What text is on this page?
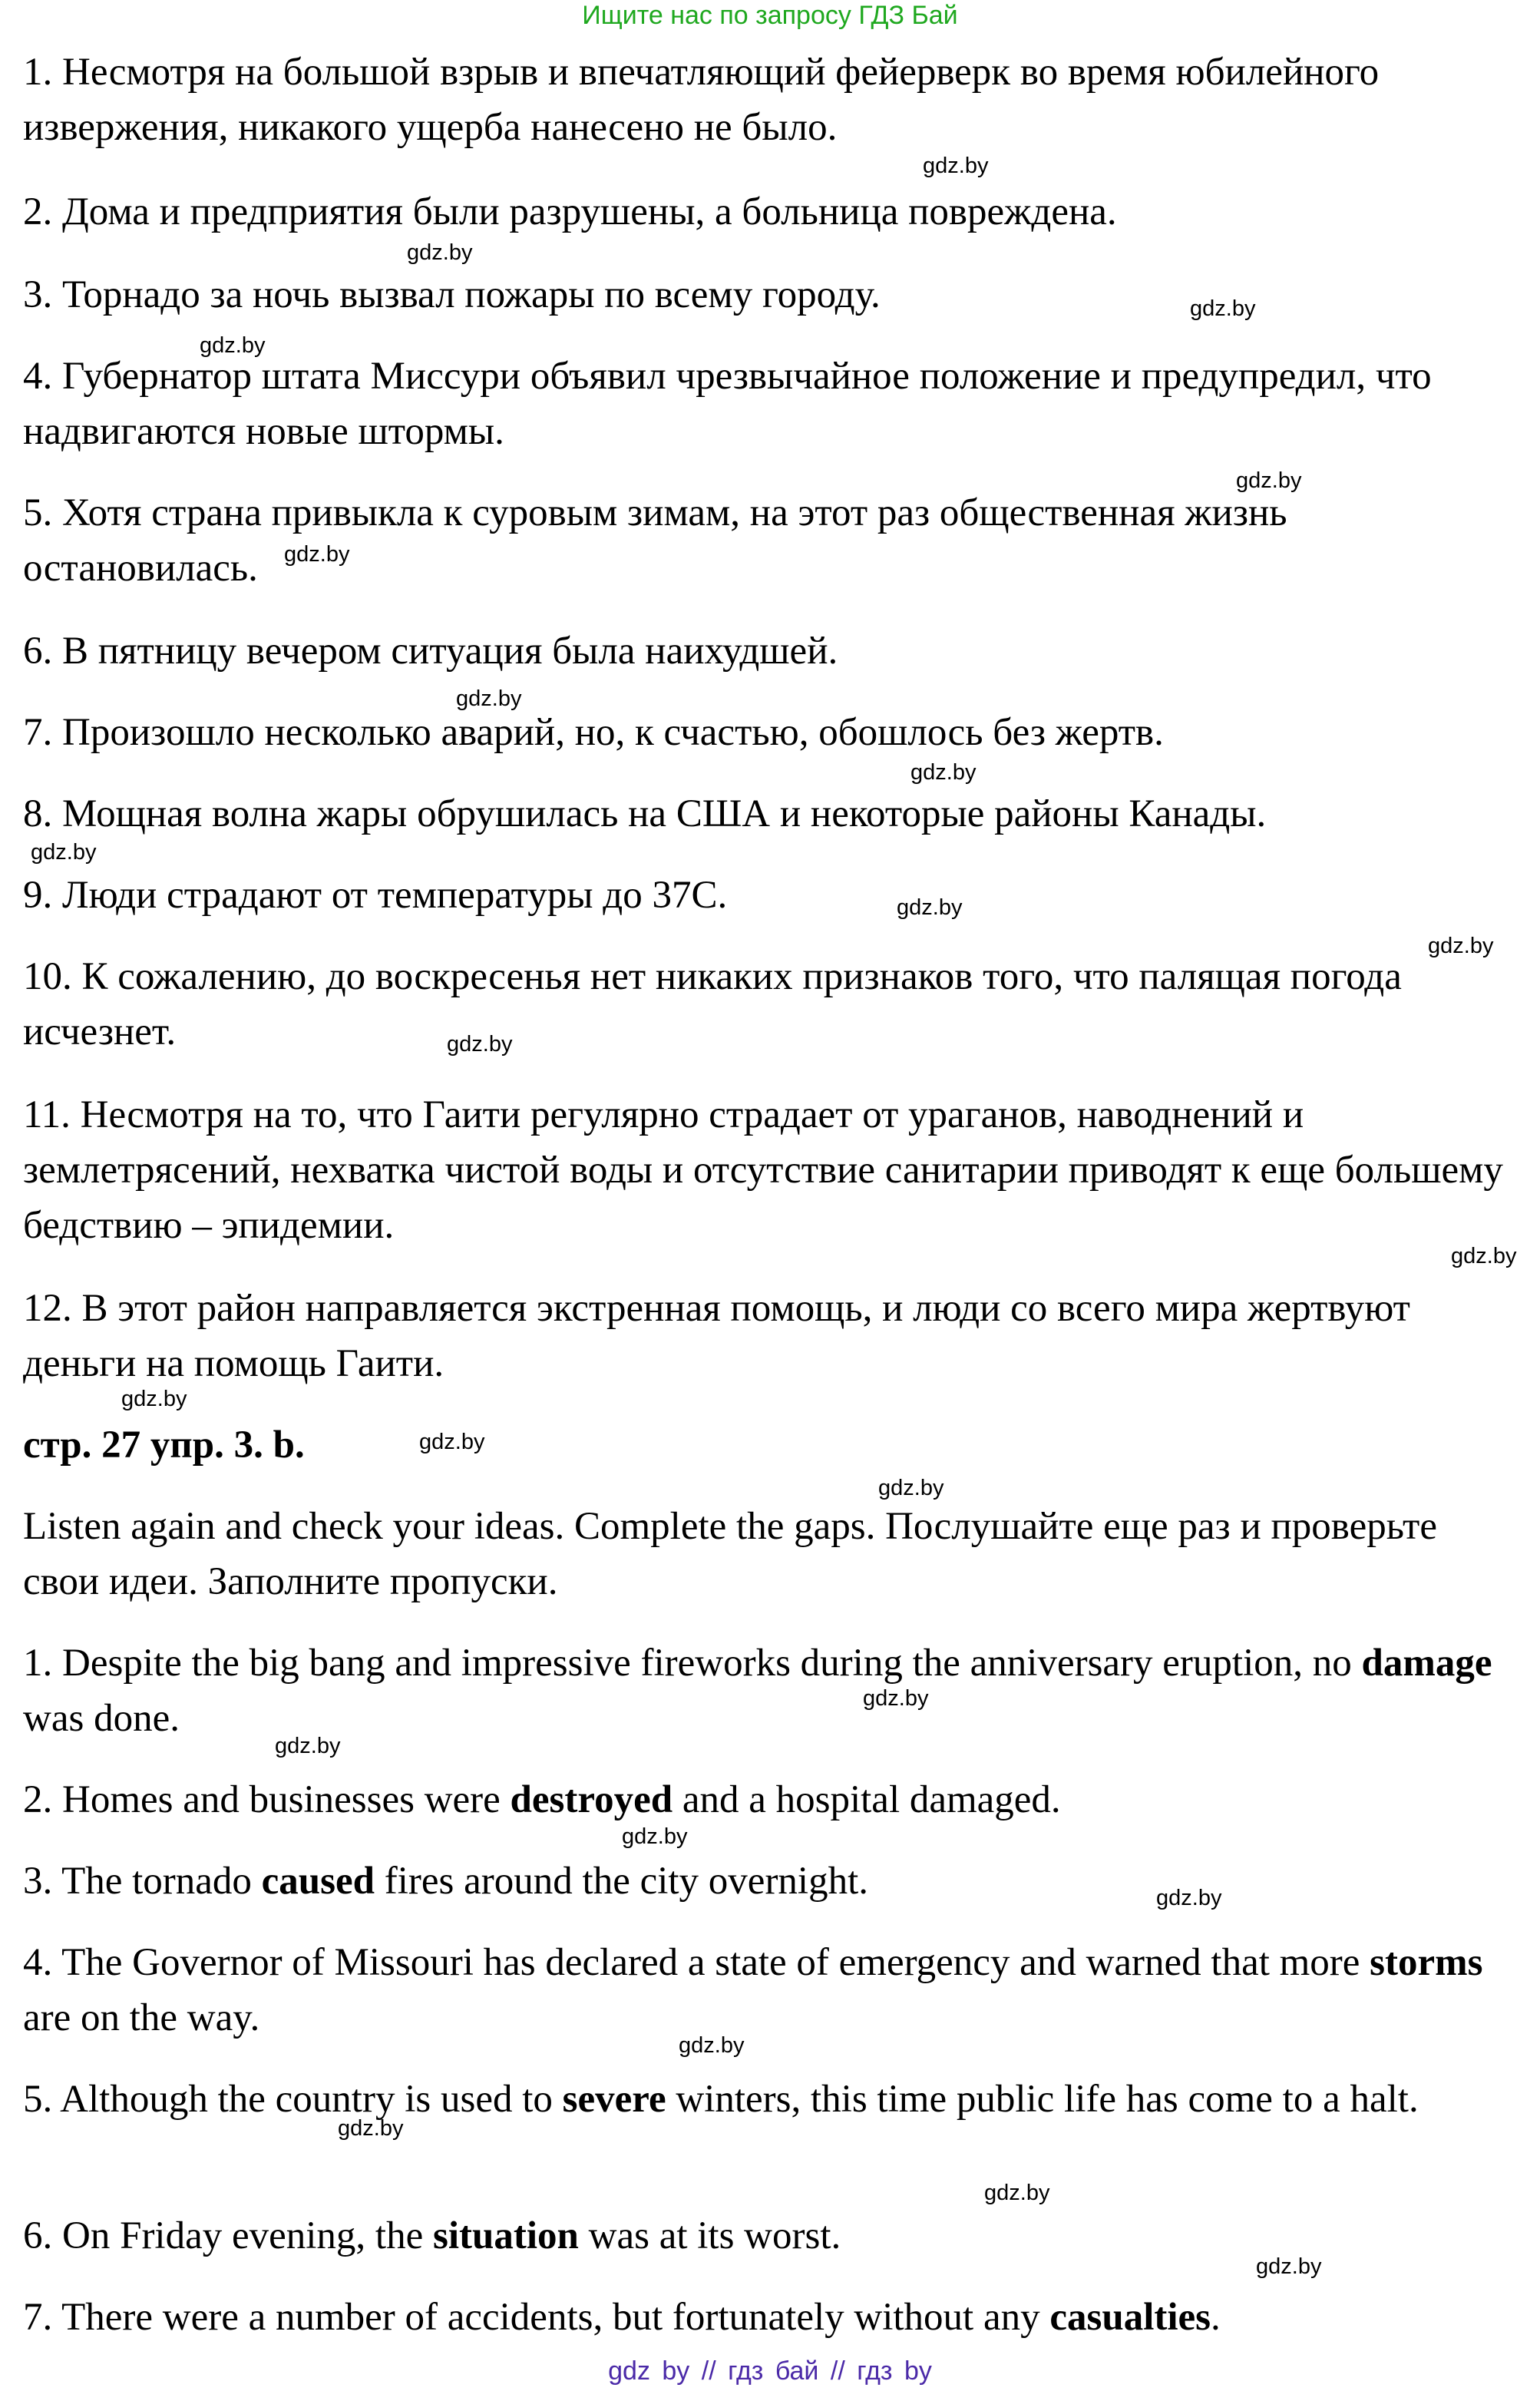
Ищите нас по запросу ГДЗ Бай

1. Несмотря на большой взрыв и впечатляющий фейерверк во время юбилейного извержения, никакого ущерба нанесено не было.

2. Дома и предприятия были разрушены, а больница повреждена.

3. Торнадо за ночь вызвал пожары по всему городу.

4. Губернатор штата Миссури объявил чрезвычайное положение и предупредил, что надвигаются новые штормы.

5. Хотя страна привыкла к суровым зимам, на этот раз общественная жизнь остановилась.

6. В пятницу вечером ситуация была наихудшей.

7. Произошло несколько аварий, но, к счастью, обошлось без жертв.

8. Мощная волна жары обрушилась на США и некоторые районы Канады.

9. Люди страдают от температуры до 37С.

10. К сожалению, до воскресенья нет никаких признаков того, что палящая погода исчезнет.

11. Несмотря на то, что Гаити регулярно страдает от ураганов, наводнений и землетрясений, нехватка чистой воды и отсутствие санитарии приводят к еще большему бедствию – эпидемии.

12. В этот район направляется экстренная помощь, и люди со всего мира жертвуют деньги на помощь Гаити.

стр. 27 упр. 3. b.

Listen again and check your ideas. Complete the gaps. Послушайте еще раз и проверьте свои идеи. Заполните пропуски.

1. Despite the big bang and impressive fireworks during the anniversary eruption, no damage was done.

2. Homes and businesses were destroyed and a hospital damaged.

3. The tornado caused fires around the city overnight.

4. The Governor of Missouri has declared a state of emergency and warned that more storms are on the way.

5. Although the country is used to severe winters, this time public life has come to a halt.

6. On Friday evening, the situation was at its worst.

7. There were a number of accidents, but fortunately without any casualties.

gdz.by
gdz.by
gdz.by
gdz.by
gdz.by
gdz.by
gdz.by
gdz.by
gdz.by
gdz.by
gdz.by
gdz.by
gdz.by
gdz.by
gdz.by
gdz.by
gdz.by
gdz.by
gdz.by
gdz.by
gdz.by
gdz.by
gdz.by
gdz.by
gdz by // гдз бай // гдз by
